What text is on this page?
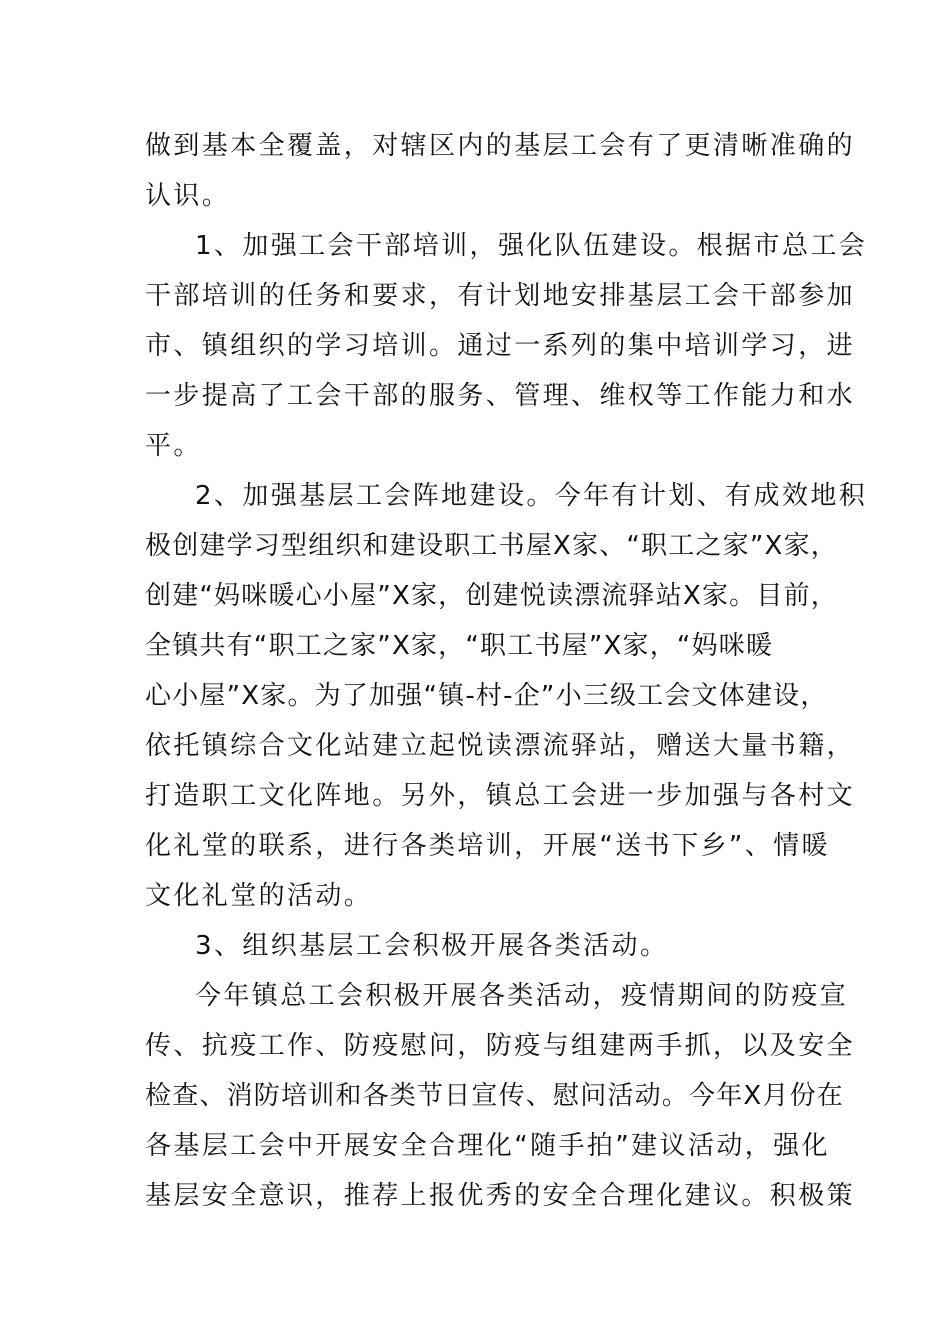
做到基本全覆盖，对辖区内的基层工会有了更清晰准确的

认识。

1、加强工会干部培训，强化队伍建设。根据市总工会

干部培训的任务和要求，有计划地安排基层工会干部参加

市、镇组织的学习培训。通过一系列的集中培训学习，进

一步提高了工会干部的服务、管理、维权等工作能力和水

平。

2、加强基层工会阵地建设。今年有计划、有成效地积

极创建学习型组织和建设职工书屋X家、“职工之家”X家，

创建“妈咪暖心小屋”X家，创建悦读漂流驿站X家。目前，

全镇共有“职工之家”X家，“职工书屋”X家，“妈咪暖

心小屋”X家。为了加强“镇-村-企”小三级工会文体建设，

依托镇综合文化站建立起悦读漂流驿站，赠送大量书籍，

打造职工文化阵地。另外，镇总工会进一步加强与各村文

化礼堂的联系，进行各类培训，开展“送书下乡”、情暖

文化礼堂的活动。

3、组织基层工会积极开展各类活动。

今年镇总工会积极开展各类活动，疫情期间的防疫宣

传、抗疫工作、防疫慰问，防疫与组建两手抓，以及安全

检查、消防培训和各类节日宣传、慰问活动。今年X月份在

各基层工会中开展安全合理化“随手拍”建议活动，强化

基层安全意识，推荐上报优秀的安全合理化建议。积极策
